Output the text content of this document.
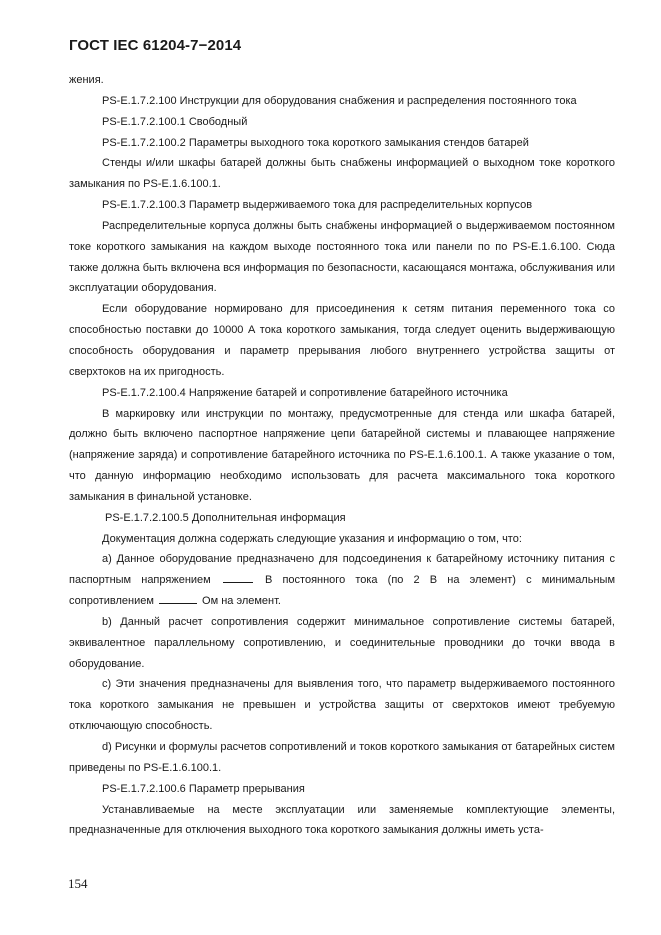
ГОСТ IEC 61204-7−2014

жения.

PS-E.1.7.2.100 Инструкции для оборудования снабжения и распределения постоянного тока

PS-E.1.7.2.100.1 Свободный

PS-E.1.7.2.100.2 Параметры выходного тока короткого замыкания стендов батарей

Стенды и/или шкафы батарей должны быть снабжены информацией о выходном токе короткого замыкания по PS-E.1.6.100.1.

PS-E.1.7.2.100.3 Параметр выдерживаемого тока для распределительных корпусов

Распределительные корпуса должны быть снабжены информацией о выдерживаемом постоянном токе короткого замыкания на каждом выходе постоянного тока или панели по по PS-E.1.6.100. Сюда также должна быть включена вся информация по безопасности, касающаяся монтажа, обслуживания или эксплуатации оборудования.

Если оборудование нормировано для присоединения к сетям питания переменного тока со способностью поставки до 10000 А тока короткого замыкания, тогда следует оценить выдерживающую способность оборудования и параметр прерывания любого внутреннего устройства защиты от сверхтоков на их пригодность.

PS-E.1.7.2.100.4 Напряжение батарей и сопротивление батарейного источника

В маркировку или инструкции по монтажу, предусмотренные для стенда или шкафа батарей, должно быть включено паспортное напряжение цепи батарейной системы и плавающее напряжение (напряжение заряда) и сопротивление батарейного источника по PS-E.1.6.100.1. А также указание о том, что данную информацию необходимо использовать для расчета максимального тока короткого замыкания в финальной установке.

PS-E.1.7.2.100.5 Дополнительная информация

Документация должна содержать следующие указания и информацию о том, что:

a) Данное оборудование предназначено для подсоединения к батарейному источнику питания с паспортным напряжением	В постоянного тока (по 2 В на элемент) с минимальным сопротивлением	Ом на элемент.

b) Данный расчет сопротивления содержит минимальное сопротивление системы батарей, эквивалентное параллельному сопротивлению, и соединительные проводники до точки ввода в оборудование.

c) Эти значения предназначены для выявления того, что параметр выдерживаемого постоянного тока короткого замыкания не превышен и устройства защиты от сверхтоков имеют требуемую отключающую способность.

d) Рисунки и формулы расчетов сопротивлений и токов короткого замыкания от батарейных систем приведены по PS-E.1.6.100.1.

PS-E.1.7.2.100.6 Параметр прерывания

Устанавливаемые на месте эксплуатации или заменяемые комплектующие элементы, предназначенные для отключения выходного тока короткого замыкания должны иметь уста-

154
